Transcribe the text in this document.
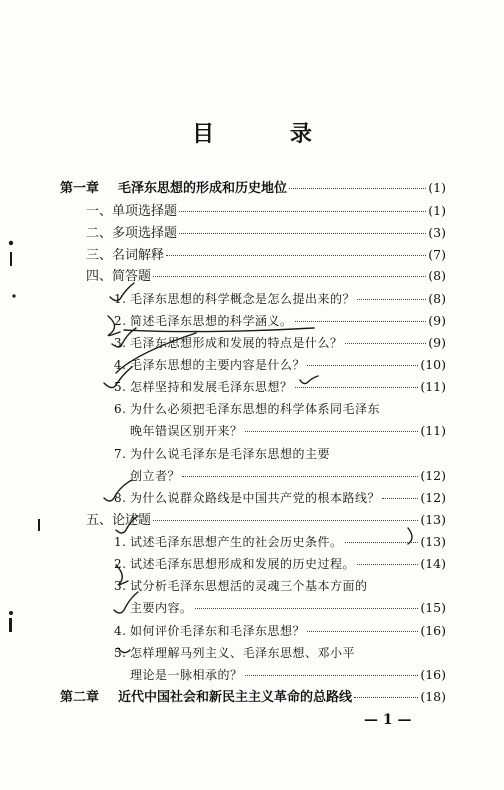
目 录
第一章 毛泽东思想的形成和历史地位	(1)
一、单项选择题	(1)
二、多项选择题	(3)
三、名词解释	(7)
四、简答题	(8)
1. 毛泽东思想的科学概念是怎么提出来的？	(8)
2. 简述毛泽东思想的科学涵义。	(9)
3. 毛泽东思想形成和发展的特点是什么？	(9)
4. 毛泽东思想的主要内容是什么？	(10)
5. 怎样坚持和发展毛泽东思想？	(11)
6. 为什么必须把毛泽东思想的科学体系同毛泽东
晚年错误区别开来？	(11)
7. 为什么说毛泽东是毛泽东思想的主要
创立者？	(12)
8. 为什么说群众路线是中国共产党的根本路线？	(12)
五、论述题	(13)
1. 试述毛泽东思想产生的社会历史条件。	(13)
2. 试述毛泽东思想形成和发展的历史过程。	(14)
3. 试分析毛泽东思想活的灵魂三个基本方面的
主要内容。	(15)
4. 如何评价毛泽东和毛泽东思想？	(16)
5. 怎样理解马列主义、毛泽东思想、邓小平
理论是一脉相承的？	(16)
第二章 近代中国社会和新民主主义革命的总路线	(18)
— 1 —
